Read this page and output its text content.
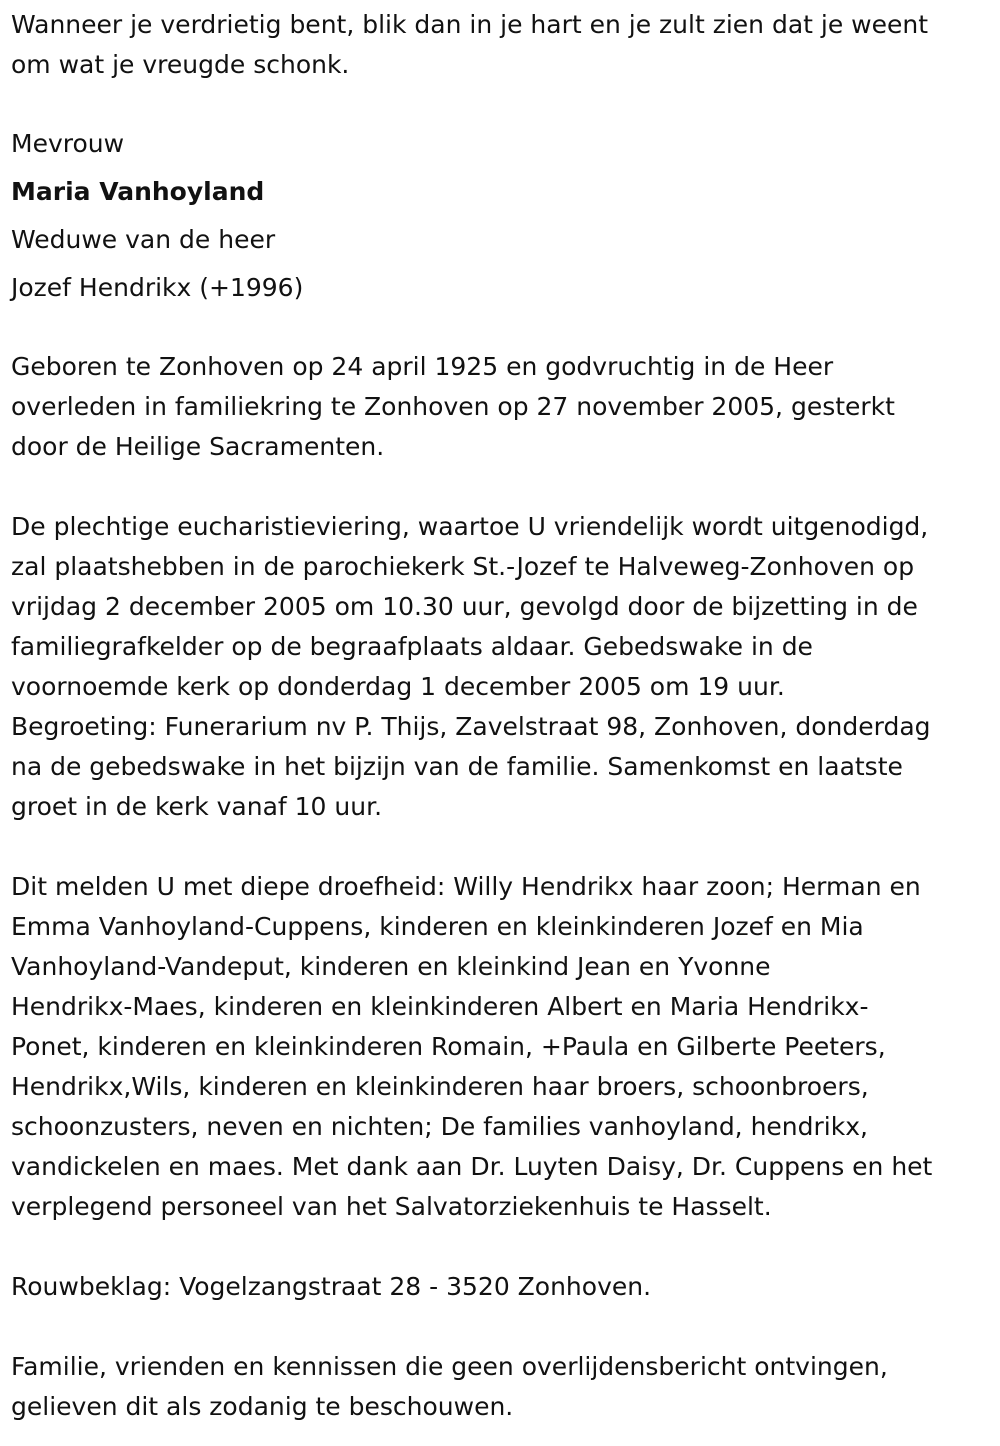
Wanneer je verdrietig bent, blik dan in je hart en je zult zien dat je weent
om wat je vreugde schonk.
Mevrouw
Maria Vanhoyland
Weduwe van de heer
Jozef Hendrikx (+1996)
Geboren te Zonhoven op 24 april 1925 en godvruchtig in de Heer
overleden in familiekring te Zonhoven op 27 november 2005, gesterkt
door de Heilige Sacramenten.
De plechtige eucharistieviering, waartoe U vriendelijk wordt uitgenodigd,
zal plaatshebben in de parochiekerk St.-Jozef te Halveweg-Zonhoven op
vrijdag 2 december 2005 om 10.30 uur, gevolgd door de bijzetting in de
familiegrafkelder op de begraafplaats aldaar. Gebedswake in de
voornoemde kerk op donderdag 1 december 2005 om 19 uur.
Begroeting: Funerarium nv P. Thijs, Zavelstraat 98, Zonhoven, donderdag
na de gebedswake in het bijzijn van de familie. Samenkomst en laatste
groet in de kerk vanaf 10 uur.
Dit melden U met diepe droefheid: Willy Hendrikx haar zoon; Herman en
Emma Vanhoyland-Cuppens, kinderen en kleinkinderen Jozef en Mia
Vanhoyland-Vandeput, kinderen en kleinkind Jean en Yvonne
Hendrikx-Maes, kinderen en kleinkinderen Albert en Maria Hendrikx-
Ponet, kinderen en kleinkinderen Romain, +Paula en Gilberte Peeters,
Hendrikx,Wils, kinderen en kleinkinderen haar broers, schoonbroers,
schoonzusters, neven en nichten; De families vanhoyland, hendrikx,
vandickelen en maes. Met dank aan Dr. Luyten Daisy, Dr. Cuppens en het
verplegend personeel van het Salvatorziekenhuis te Hasselt.
Rouwbeklag: Vogelzangstraat 28 - 3520 Zonhoven.
Familie, vrienden en kennissen die geen overlijdensbericht ontvingen,
gelieven dit als zodanig te beschouwen.
